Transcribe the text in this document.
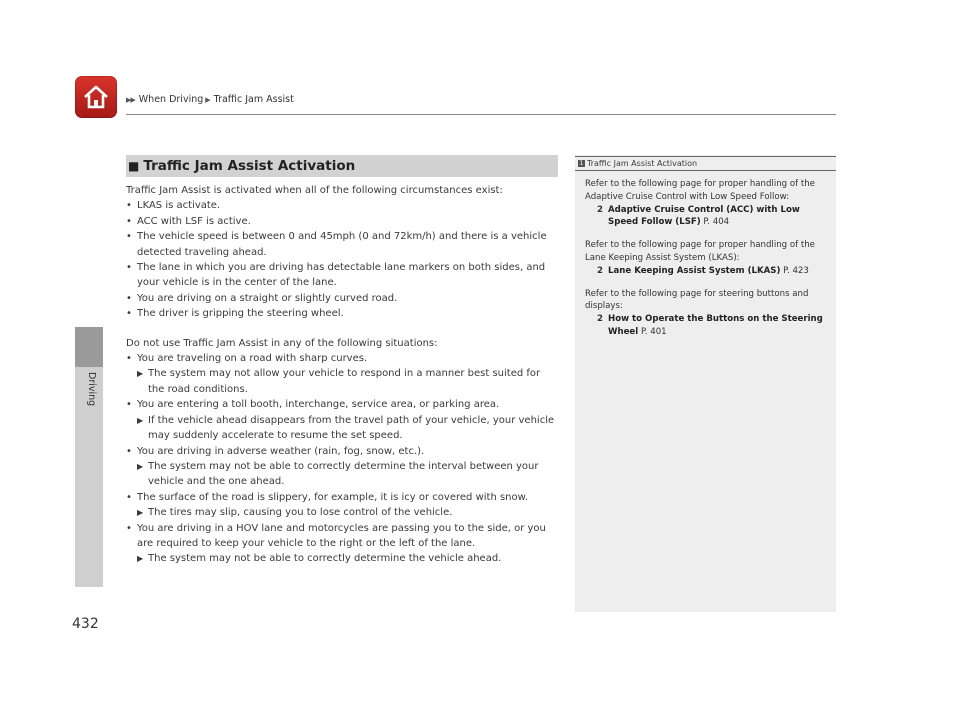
▶▶ When Driving ▶ Traffic Jam Assist
Driving
432
■ Traffic Jam Assist Activation

Traffic Jam Assist is activated when all of the following circumstances exist:

• LKAS is activate.
• ACC with LSF is active.
• The vehicle speed is between 0 and 45mph (0 and 72km/h) and there is a vehicle detected traveling ahead.
• The lane in which you are driving has detectable lane markers on both sides, and your vehicle is in the center of the lane.
• You are driving on a straight or slightly curved road.
• The driver is gripping the steering wheel.

Do not use Traffic Jam Assist in any of the following situations:

• You are traveling on a road with sharp curves.
▶ The system may not allow your vehicle to respond in a manner best suited for the road conditions.
• You are entering a toll booth, interchange, service area, or parking area.
▶ If the vehicle ahead disappears from the travel path of your vehicle, your vehicle may suddenly accelerate to resume the set speed.
• You are driving in adverse weather (rain, fog, snow, etc.).
▶ The system may not be able to correctly determine the interval between your vehicle and the one ahead.
• The surface of the road is slippery, for example, it is icy or covered with snow.
▶ The tires may slip, causing you to lose control of the vehicle.
• You are driving in a HOV lane and motorcycles are passing you to the side, or you are required to keep your vehicle to the right or the left of the lane.
▶ The system may not be able to correctly determine the vehicle ahead.
1 Traffic Jam Assist Activation

Refer to the following page for proper handling of the Adaptive Cruise Control with Low Speed Follow:

2 Adaptive Cruise Control (ACC) with Low Speed Follow (LSF) P. 404

Refer to the following page for proper handling of the Lane Keeping Assist System (LKAS):

2 Lane Keeping Assist System (LKAS) P. 423

Refer to the following page for steering buttons and displays:

2 How to Operate the Buttons on the Steering Wheel P. 401
